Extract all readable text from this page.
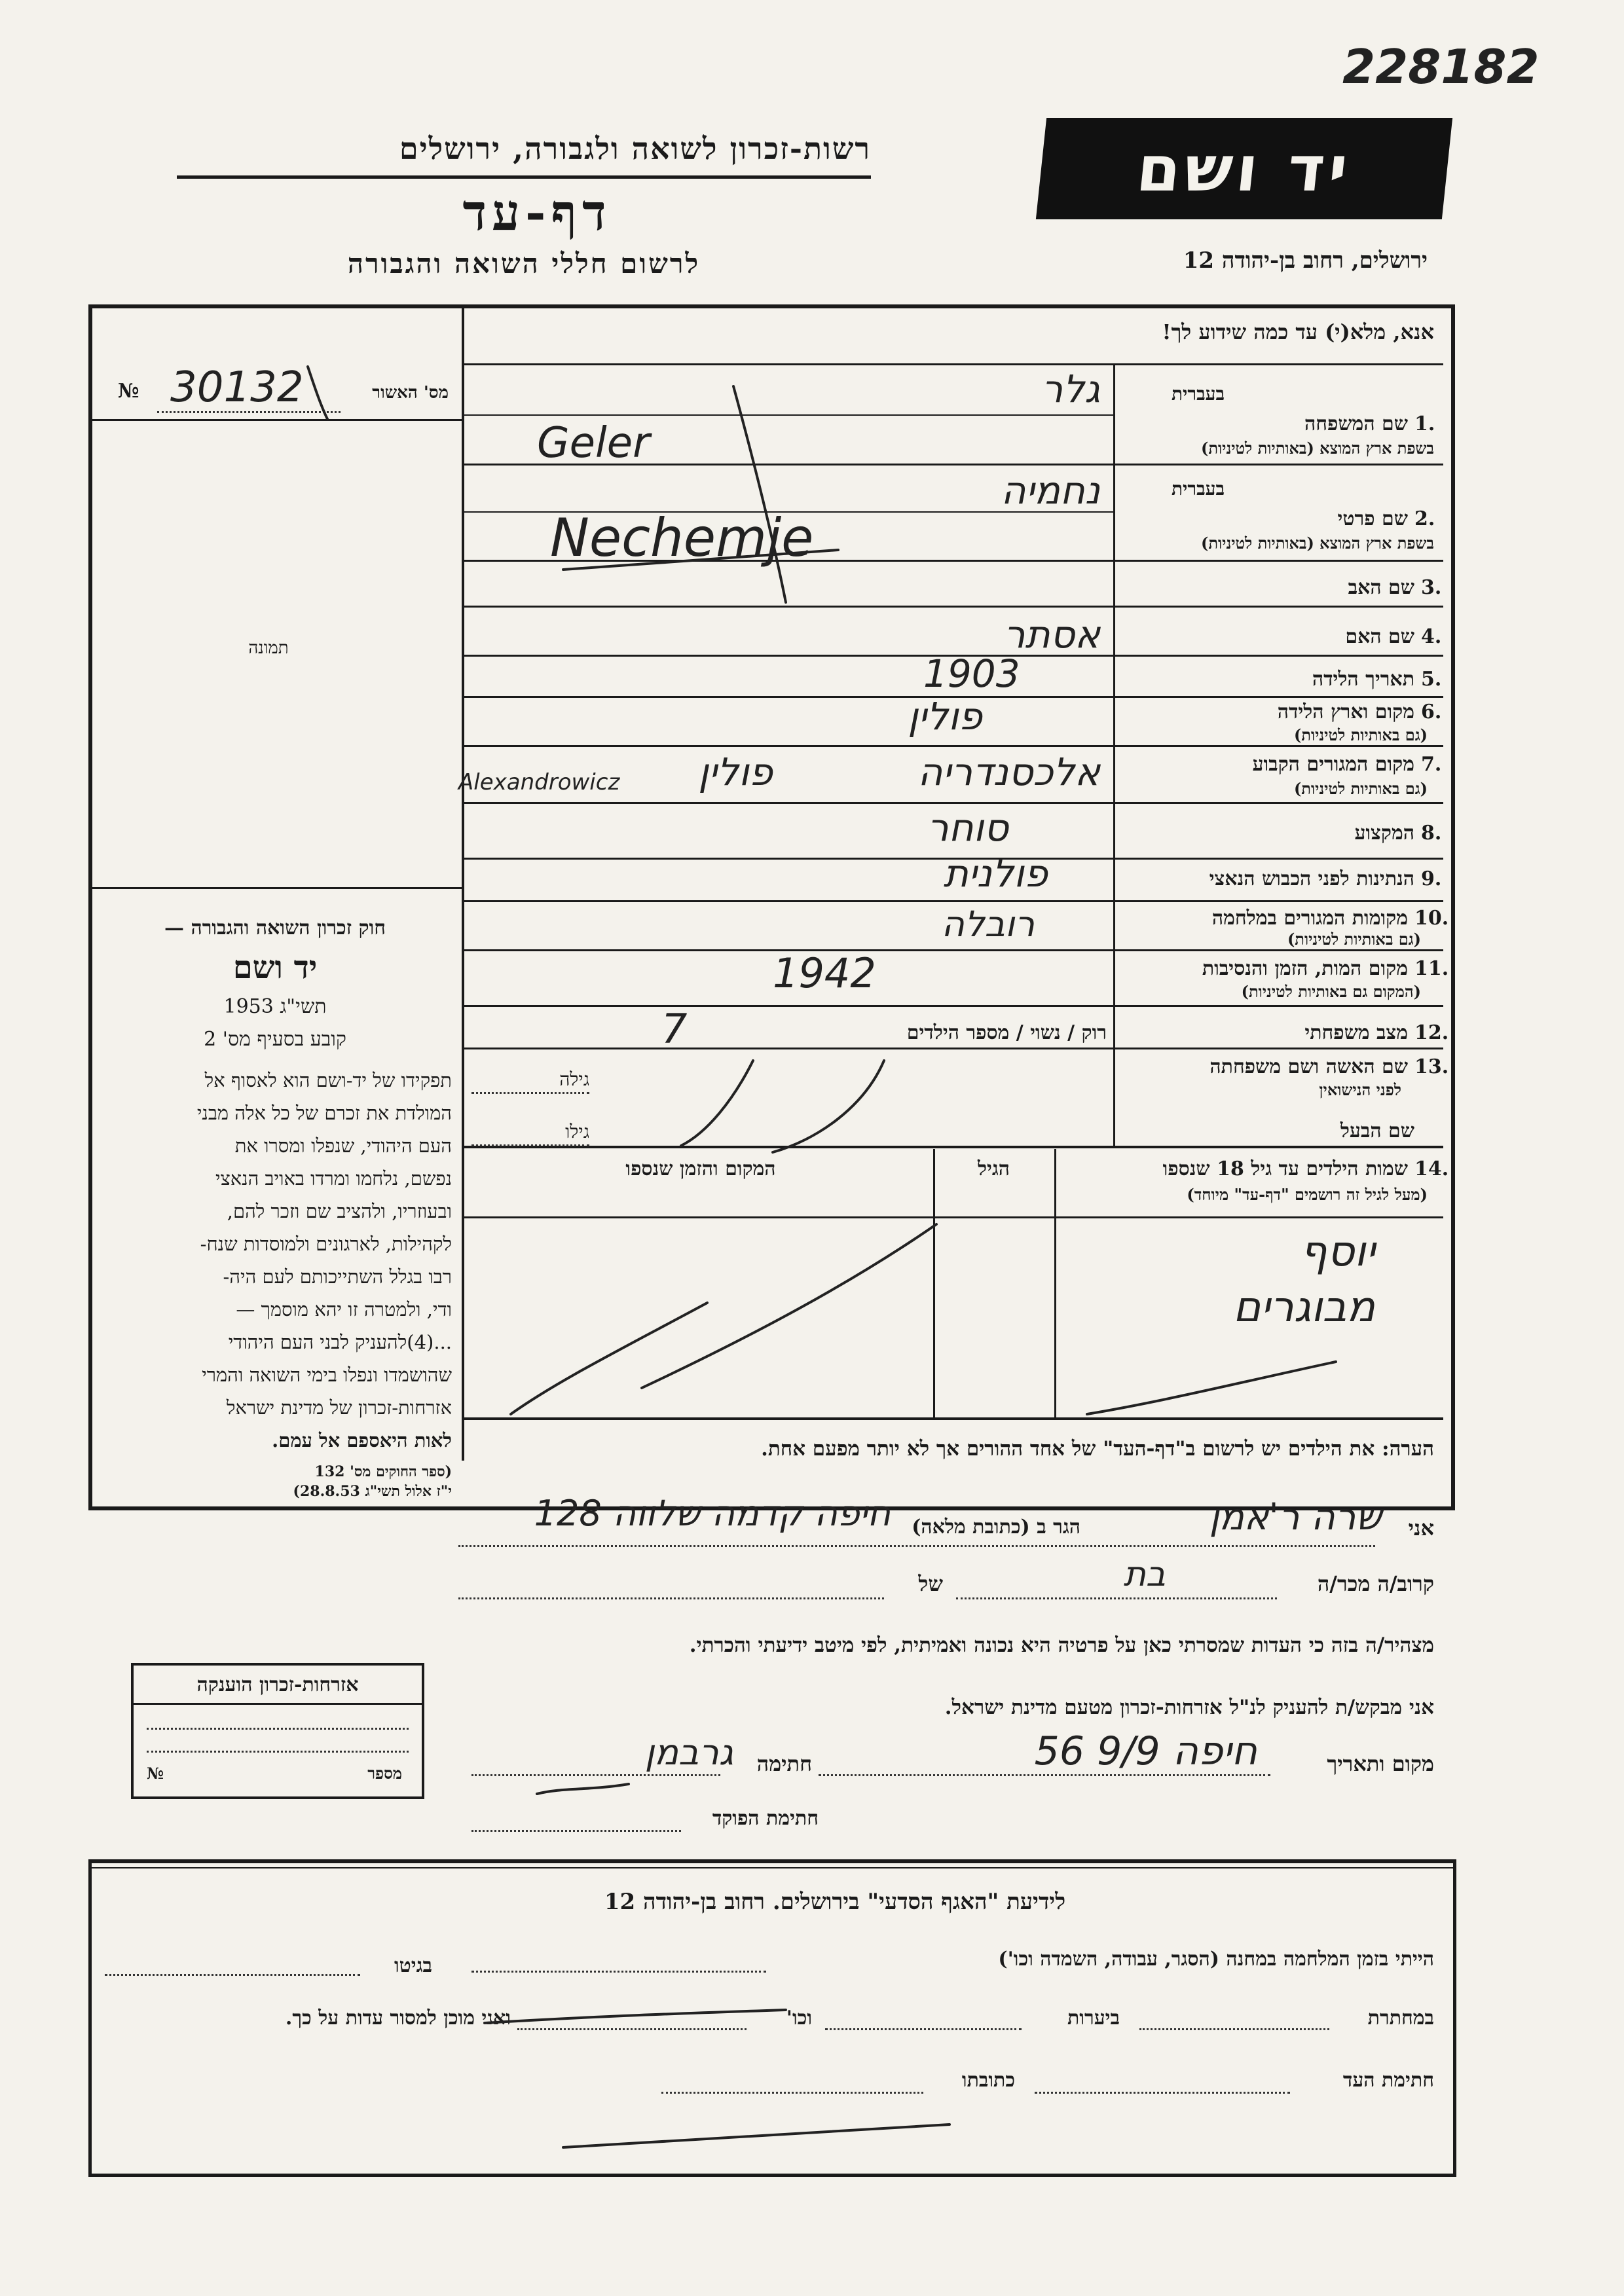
228182
רשות-זכרון לשואה ולגבורה, ירושלים
דף-עד
לרשום חללי השואה והגבורה
יד ושם
ירושלים, רחוב בן-יהודה 12
אנא, מלא(י) עד כמה שידוע לך!
№ 30132	מס' האשור
תמונה
חוק זכרון השואה והגבורה —
יד ושם
תשי"ג 1953
קובע בסעיף מס' 2
תפקידו של יד-ושם הוא לאסוף אל
המולדת את זכרם של כל אלה מבני
העם היהודי, שנפלו ומסרו את
נפשם, נלחמו ומרדו באויב הנאצי
ובעוזריו, ולהציב שם וזכר להם,
לקהילות, לארגונים ולמוסדות שנח-
רבו בגלל השתייכותם לעם היה-
ודי, ולמטרה זו יהא מוסמך —
...(4)להעניק לבני העם היהודי
שהושמדו ונפלו בימי השואה והמרי
אזרחות-זכרון של מדינת ישראל
לאות היאספם אל עמם.
(ספר החוקים מס' 132
י"ז אלול תשי"ג 28.8.53)
בעברית
1.
שם המשפחה
בשפת ארץ המוצא (באותיות לטיניות)
בעברית
2.
שם פרטי
בשפת ארץ המוצא (באותיות לטיניות)
3.
שם האב
4.
שם האם
5.
תאריך הלידה
6.
מקום וארץ הלידה
(גם באותיות לטיניות)
7.
מקום המגורים הקבוע
(גם באותיות לטיניות)
8.
המקצוע
9.
הנתינות לפני הכבוש הנאצי
10.
מקומות המגורים במלחמה
(גם באותיות לטיניות)
11.
מקום המות, הזמן והנסיבות
(המקום גם באותיות לטיניות)
12.
מצב משפחתי
13.
שם האשה ושם משפחתה
לפני הנישואין
שם הבעל
רוק / נשוי / מספר הילדים
גילה
גילו
14.
שמות הילדים עד גיל 18 שנספו
(מעל לגיל זה רושמים "דף-עד" מיוחד)
הגיל
המקום והזמן שנספו
הערה: את הילדים יש לרשום ב"דף-העד" של אחד ההורים אך לא יותר מפעם אחת.
אני
הגר ב (כתובת מלאה)
קרוב/ה מכר/ה
של
מצהיר/ה בזה כי העדות שמסרתי כאן על פרטיה היא נכונה ואמיתית, לפי מיטב ידיעתי והכרתי.
אני מבקש/ת להעניק לנ"ל אזרחות-זכרון מטעם מדינת ישראל.
מקום ותאריך
חתימה
חתימת הפוקד
אזרחות-זכרון הוענקה
№	מספר
לידיעת "האגף הסדעי" בירושלים. רחוב בן-יהודה 12
הייתי בזמן המלחמה במחנה (הסגר, עבודה, השמדה וכו')
בגיטו
במחתרת
ביערות
וכו'
ואני מוכן למסור עדות על כך.
חתימת העד
כתובתו
גלר
Geler
נחמיה
Nechemje
אסתר
1903
פולין
אלכסנדריה
פולין
Alexandrowicz
סוחר
פולנית
רובלה
1942
7
יוסף
מבוגרים
שרה ר'אמן
חיפה קדמה שלווה 128
בת
חיפה 9/9 56
גרבמן
